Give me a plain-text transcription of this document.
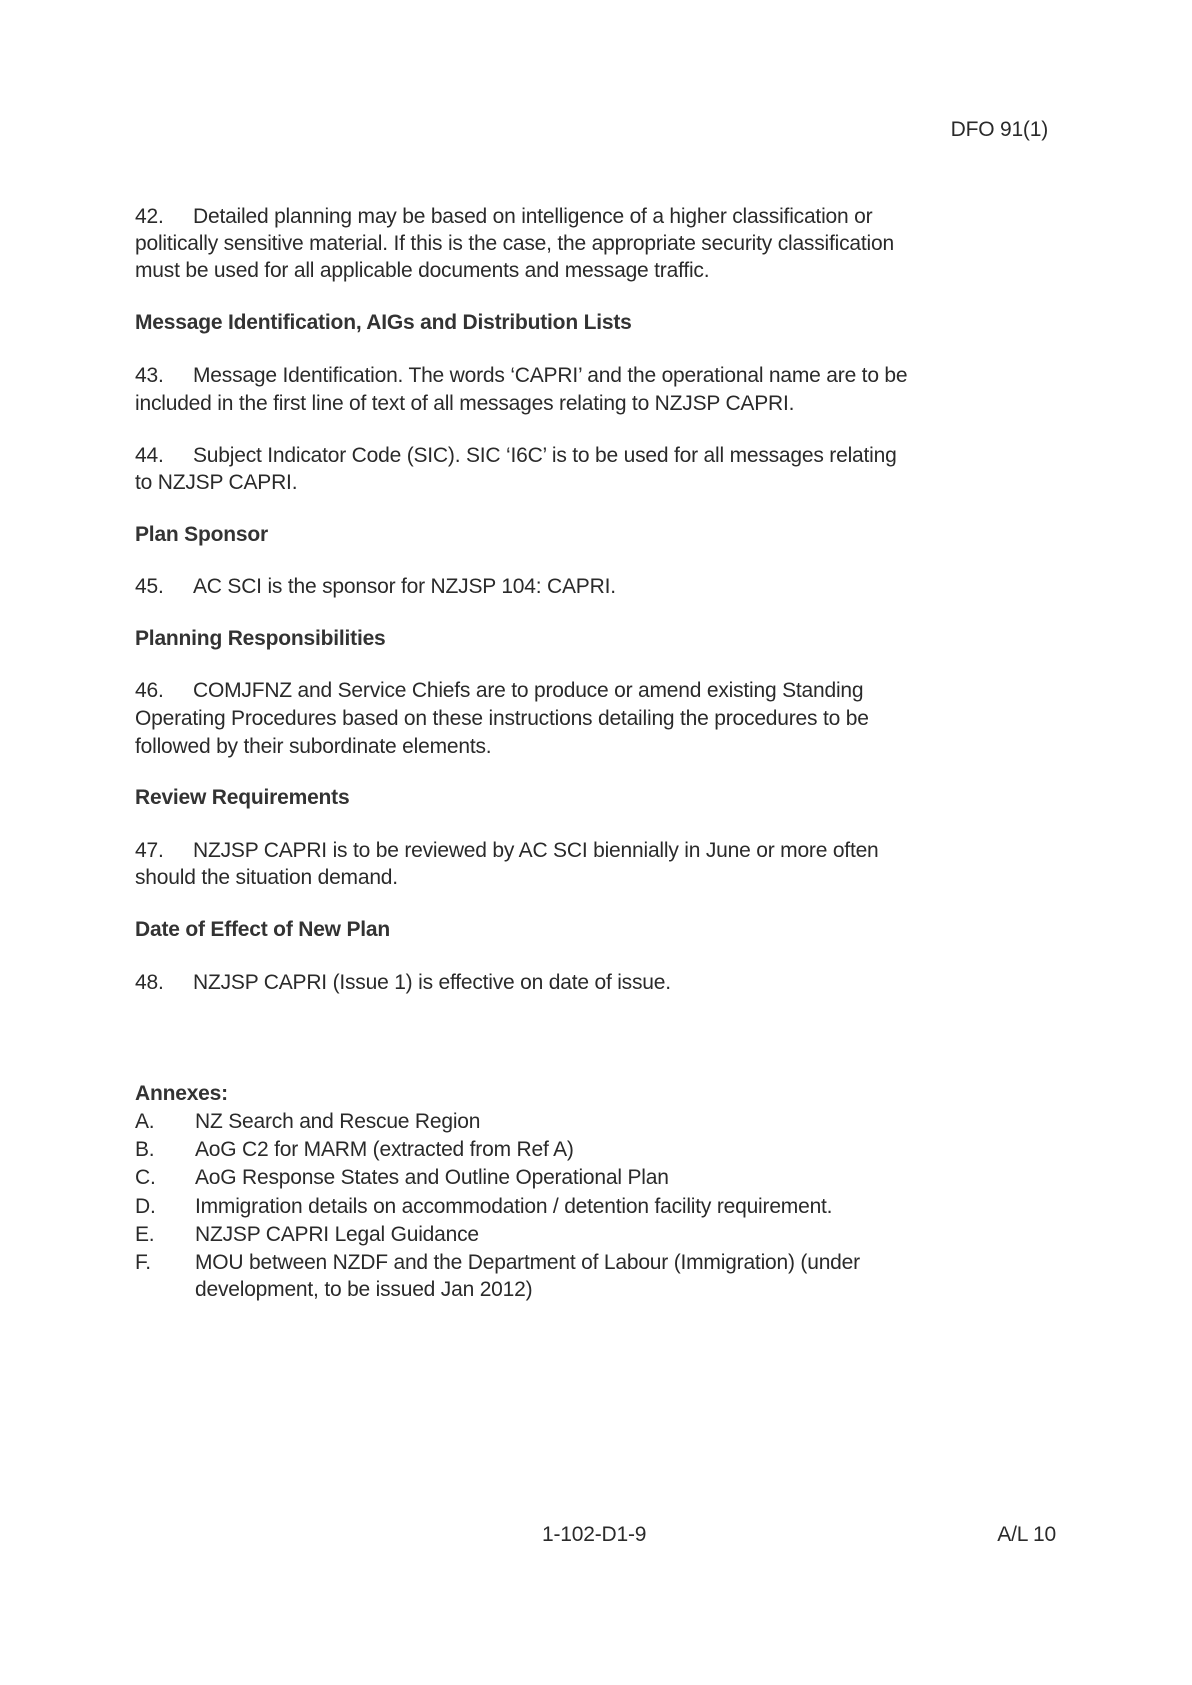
DFO 91(1)
42. Detailed planning may be based on intelligence of a higher classification or
politically sensitive material. If this is the case, the appropriate security classification
must be used for all applicable documents and message traffic.
Message Identification, AIGs and Distribution Lists
43. Message Identification. The words ‘CAPRI’ and the operational name are to be
included in the first line of text of all messages relating to NZJSP CAPRI.
44. Subject Indicator Code (SIC). SIC ‘I6C’ is to be used for all messages relating
to NZJSP CAPRI.
Plan Sponsor
45. AC SCI is the sponsor for NZJSP 104: CAPRI.
Planning Responsibilities
46. COMJFNZ and Service Chiefs are to produce or amend existing Standing
Operating Procedures based on these instructions detailing the procedures to be
followed by their subordinate elements.
Review Requirements
47. NZJSP CAPRI is to be reviewed by AC SCI biennially in June or more often
should the situation demand.
Date of Effect of New Plan
48. NZJSP CAPRI (Issue 1) is effective on date of issue.
Annexes:
A. NZ Search and Rescue Region
B. AoG C2 for MARM (extracted from Ref A)
C. AoG Response States and Outline Operational Plan
D. Immigration details on accommodation / detention facility requirement.
E. NZJSP CAPRI Legal Guidance
F. MOU between NZDF and the Department of Labour (Immigration) (under
development, to be issued Jan 2012)
1-102-D1-9	A/L 10
